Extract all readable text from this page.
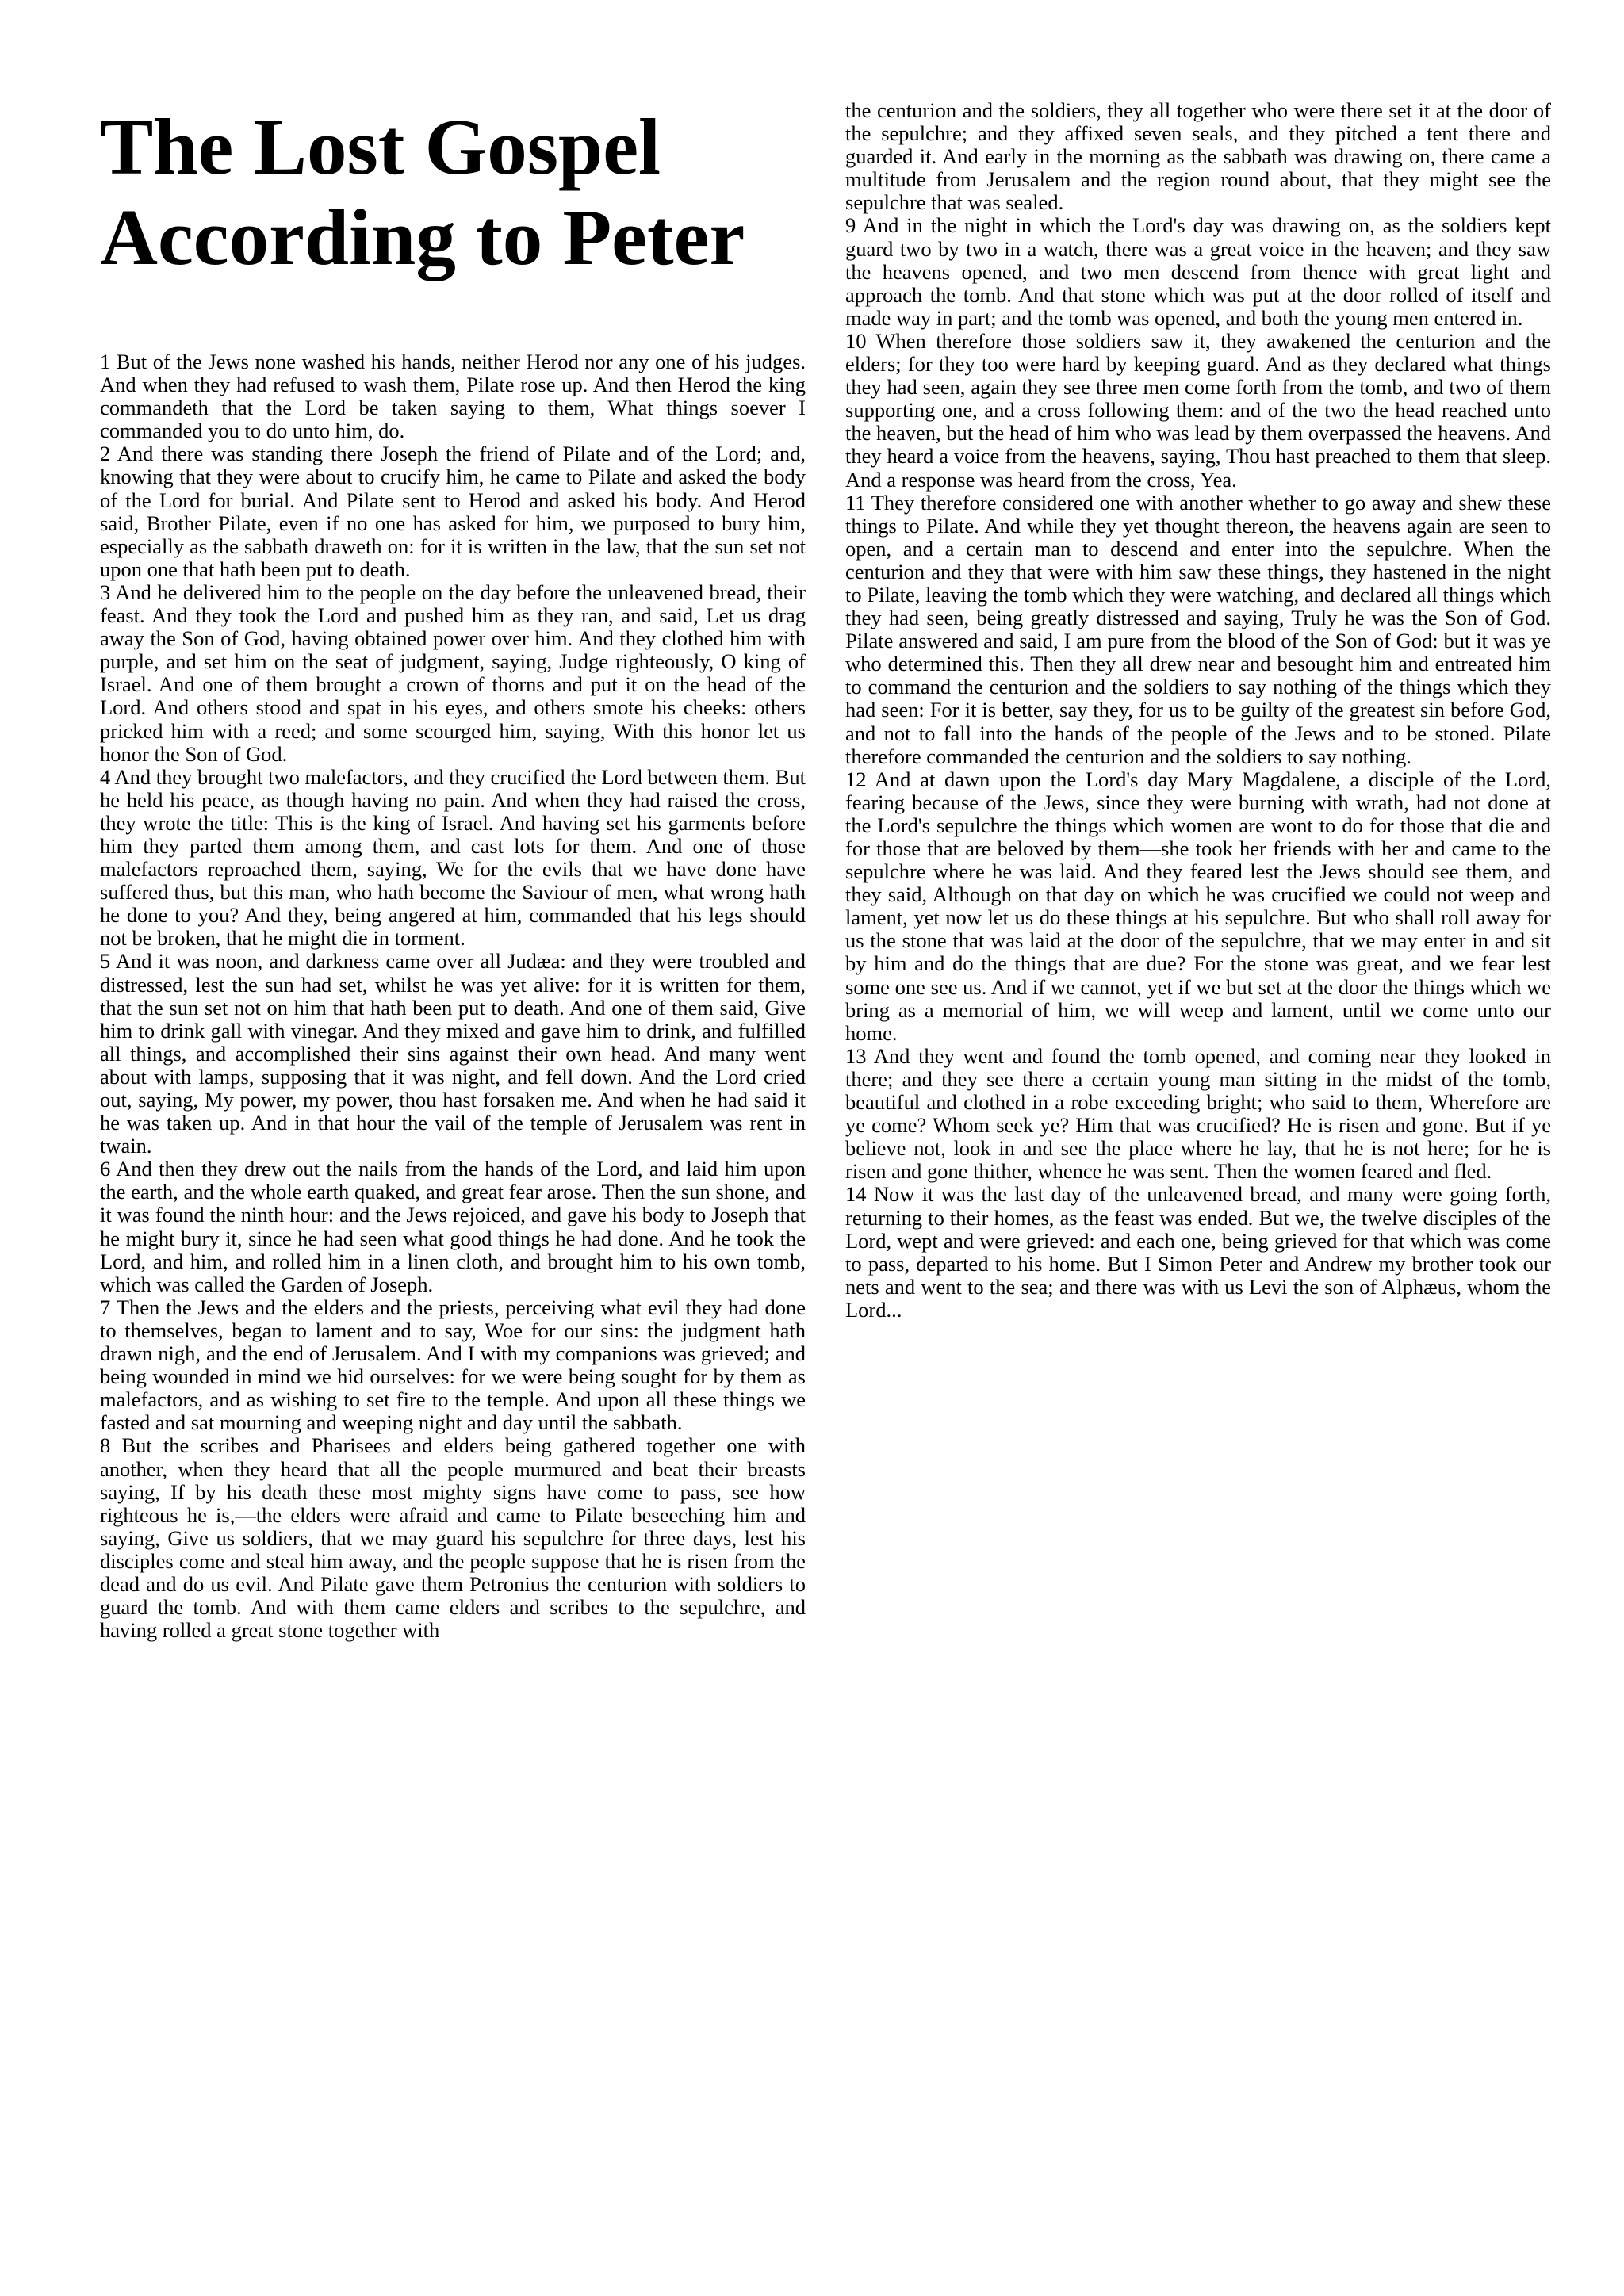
The Lost Gospel According to Peter

1 But of the Jews none washed his hands, neither Herod nor any one of his judges. And when they had refused to wash them, Pilate rose up. And then Herod the king commandeth that the Lord be taken saying to them, What things soever I commanded you to do unto him, do.

2 And there was standing there Joseph the friend of Pilate and of the Lord; and, knowing that they were about to crucify him, he came to Pilate and asked the body of the Lord for burial. And Pilate sent to Herod and asked his body. And Herod said, Brother Pilate, even if no one has asked for him, we purposed to bury him, especially as the sabbath draweth on: for it is written in the law, that the sun set not upon one that hath been put to death.

3 And he delivered him to the people on the day before the unleavened bread, their feast. And they took the Lord and pushed him as they ran, and said, Let us drag away the Son of God, having obtained power over him. And they clothed him with purple, and set him on the seat of judgment, saying, Judge righteously, O king of Israel. And one of them brought a crown of thorns and put it on the head of the Lord. And others stood and spat in his eyes, and others smote his cheeks: others pricked him with a reed; and some scourged him, saying, With this honor let us honor the Son of God.

4 And they brought two malefactors, and they crucified the Lord between them. But he held his peace, as though having no pain. And when they had raised the cross, they wrote the title: This is the king of Israel. And having set his garments before him they parted them among them, and cast lots for them. And one of those malefactors reproached them, saying, We for the evils that we have done have suffered thus, but this man, who hath become the Saviour of men, what wrong hath he done to you? And they, being angered at him, commanded that his legs should not be broken, that he might die in torment.

5 And it was noon, and darkness came over all Judæa: and they were troubled and distressed, lest the sun had set, whilst he was yet alive: for it is written for them, that the sun set not on him that hath been put to death. And one of them said, Give him to drink gall with vinegar. And they mixed and gave him to drink, and fulfilled all things, and accomplished their sins against their own head. And many went about with lamps, supposing that it was night, and fell down. And the Lord cried out, saying, My power, my power, thou hast forsaken me. And when he had said it he was taken up. And in that hour the vail of the temple of Jerusalem was rent in twain.

6 And then they drew out the nails from the hands of the Lord, and laid him upon the earth, and the whole earth quaked, and great fear arose. Then the sun shone, and it was found the ninth hour: and the Jews rejoiced, and gave his body to Joseph that he might bury it, since he had seen what good things he had done. And he took the Lord, and him, and rolled him in a linen cloth, and brought him to his own tomb, which was called the Garden of Joseph.

7 Then the Jews and the elders and the priests, perceiving what evil they had done to themselves, began to lament and to say, Woe for our sins: the judgment hath drawn nigh, and the end of Jerusalem. And I with my companions was grieved; and being wounded in mind we hid ourselves: for we were being sought for by them as malefactors, and as wishing to set fire to the temple. And upon all these things we fasted and sat mourning and weeping night and day until the sabbath.

8 But the scribes and Pharisees and elders being gathered together one with another, when they heard that all the people murmured and beat their breasts saying, If by his death these most mighty signs have come to pass, see how righteous he is,—the elders were afraid and came to Pilate beseeching him and saying, Give us soldiers, that we may guard his sepulchre for three days, lest his disciples come and steal him away, and the people suppose that he is risen from the dead and do us evil. And Pilate gave them Petronius the centurion with soldiers to guard the tomb. And with them came elders and scribes to the sepulchre, and having rolled a great stone together with

the centurion and the soldiers, they all together who were there set it at the door of the sepulchre; and they affixed seven seals, and they pitched a tent there and guarded it. And early in the morning as the sabbath was drawing on, there came a multitude from Jerusalem and the region round about, that they might see the sepulchre that was sealed.

9 And in the night in which the Lord's day was drawing on, as the soldiers kept guard two by two in a watch, there was a great voice in the heaven; and they saw the heavens opened, and two men descend from thence with great light and approach the tomb. And that stone which was put at the door rolled of itself and made way in part; and the tomb was opened, and both the young men entered in.

10 When therefore those soldiers saw it, they awakened the centurion and the elders; for they too were hard by keeping guard. And as they declared what things they had seen, again they see three men come forth from the tomb, and two of them supporting one, and a cross following them: and of the two the head reached unto the heaven, but the head of him who was lead by them overpassed the heavens. And they heard a voice from the heavens, saying, Thou hast preached to them that sleep. And a response was heard from the cross, Yea.

11 They therefore considered one with another whether to go away and shew these things to Pilate. And while they yet thought thereon, the heavens again are seen to open, and a certain man to descend and enter into the sepulchre. When the centurion and they that were with him saw these things, they hastened in the night to Pilate, leaving the tomb which they were watching, and declared all things which they had seen, being greatly distressed and saying, Truly he was the Son of God. Pilate answered and said, I am pure from the blood of the Son of God: but it was ye who determined this. Then they all drew near and besought him and entreated him to command the centurion and the soldiers to say nothing of the things which they had seen: For it is better, say they, for us to be guilty of the greatest sin before God, and not to fall into the hands of the people of the Jews and to be stoned. Pilate therefore commanded the centurion and the soldiers to say nothing.

12 And at dawn upon the Lord's day Mary Magdalene, a disciple of the Lord, fearing because of the Jews, since they were burning with wrath, had not done at the Lord's sepulchre the things which women are wont to do for those that die and for those that are beloved by them—she took her friends with her and came to the sepulchre where he was laid. And they feared lest the Jews should see them, and they said, Although on that day on which he was crucified we could not weep and lament, yet now let us do these things at his sepulchre. But who shall roll away for us the stone that was laid at the door of the sepulchre, that we may enter in and sit by him and do the things that are due? For the stone was great, and we fear lest some one see us. And if we cannot, yet if we but set at the door the things which we bring as a memorial of him, we will weep and lament, until we come unto our home.

13 And they went and found the tomb opened, and coming near they looked in there; and they see there a certain young man sitting in the midst of the tomb, beautiful and clothed in a robe exceeding bright; who said to them, Wherefore are ye come? Whom seek ye? Him that was crucified? He is risen and gone. But if ye believe not, look in and see the place where he lay, that he is not here; for he is risen and gone thither, whence he was sent. Then the women feared and fled.

14 Now it was the last day of the unleavened bread, and many were going forth, returning to their homes, as the feast was ended. But we, the twelve disciples of the Lord, wept and were grieved: and each one, being grieved for that which was come to pass, departed to his home. But I Simon Peter and Andrew my brother took our nets and went to the sea; and there was with us Levi the son of Alphæus, whom the Lord...
